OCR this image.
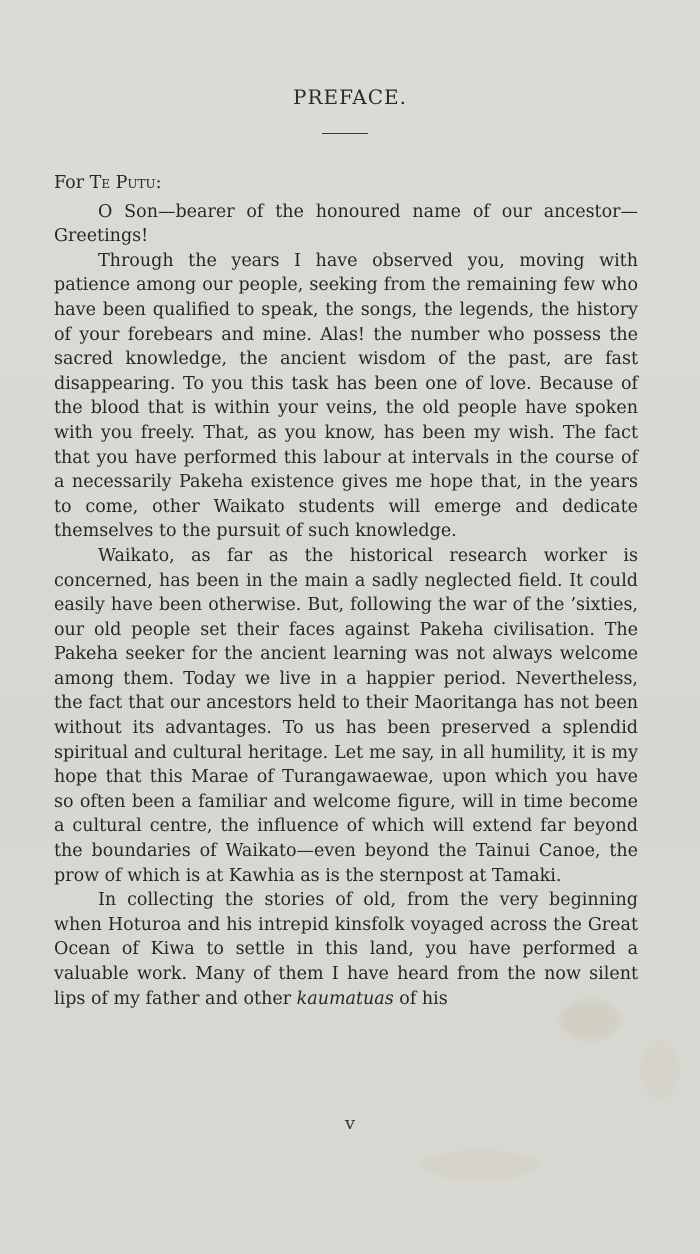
PREFACE.

For Te Putu:

O Son—bearer of the honoured name of our ancestor—Greetings!

Through the years I have observed you, moving with patience among our people, seeking from the remaining few who have been qualified to speak, the songs, the legends, the history of your forebears and mine. Alas! the number who possess the sacred knowledge, the ancient wisdom of the past, are fast disappearing. To you this task has been one of love. Because of the blood that is within your veins, the old people have spoken with you freely. That, as you know, has been my wish. The fact that you have performed this labour at intervals in the course of a necessarily Pakeha existence gives me hope that, in the years to come, other Waikato students will emerge and dedicate themselves to the pursuit of such knowledge.

Waikato, as far as the historical research worker is concerned, has been in the main a sadly neglected field. It could easily have been otherwise. But, following the war of the ’sixties, our old people set their faces against Pakeha civilisation. The Pakeha seeker for the ancient learning was not always welcome among them. Today we live in a happier period. Nevertheless, the fact that our ancestors held to their Maoritanga has not been without its advantages. To us has been preserved a splendid spiritual and cultural heritage. Let me say, in all humility, it is my hope that this Marae of Turangawaewae, upon which you have so often been a familiar and welcome figure, will in time become a cultural centre, the influence of which will extend far beyond the boundaries of Waikato—even beyond the Tainui Canoe, the prow of which is at Kawhia as is the sternpost at Tamaki.

In collecting the stories of old, from the very beginning when Hoturoa and his intrepid kinsfolk voyaged across the Great Ocean of Kiwa to settle in this land, you have performed a valuable work. Many of them I have heard from the now silent lips of my father and other kaumatuas of his

v
